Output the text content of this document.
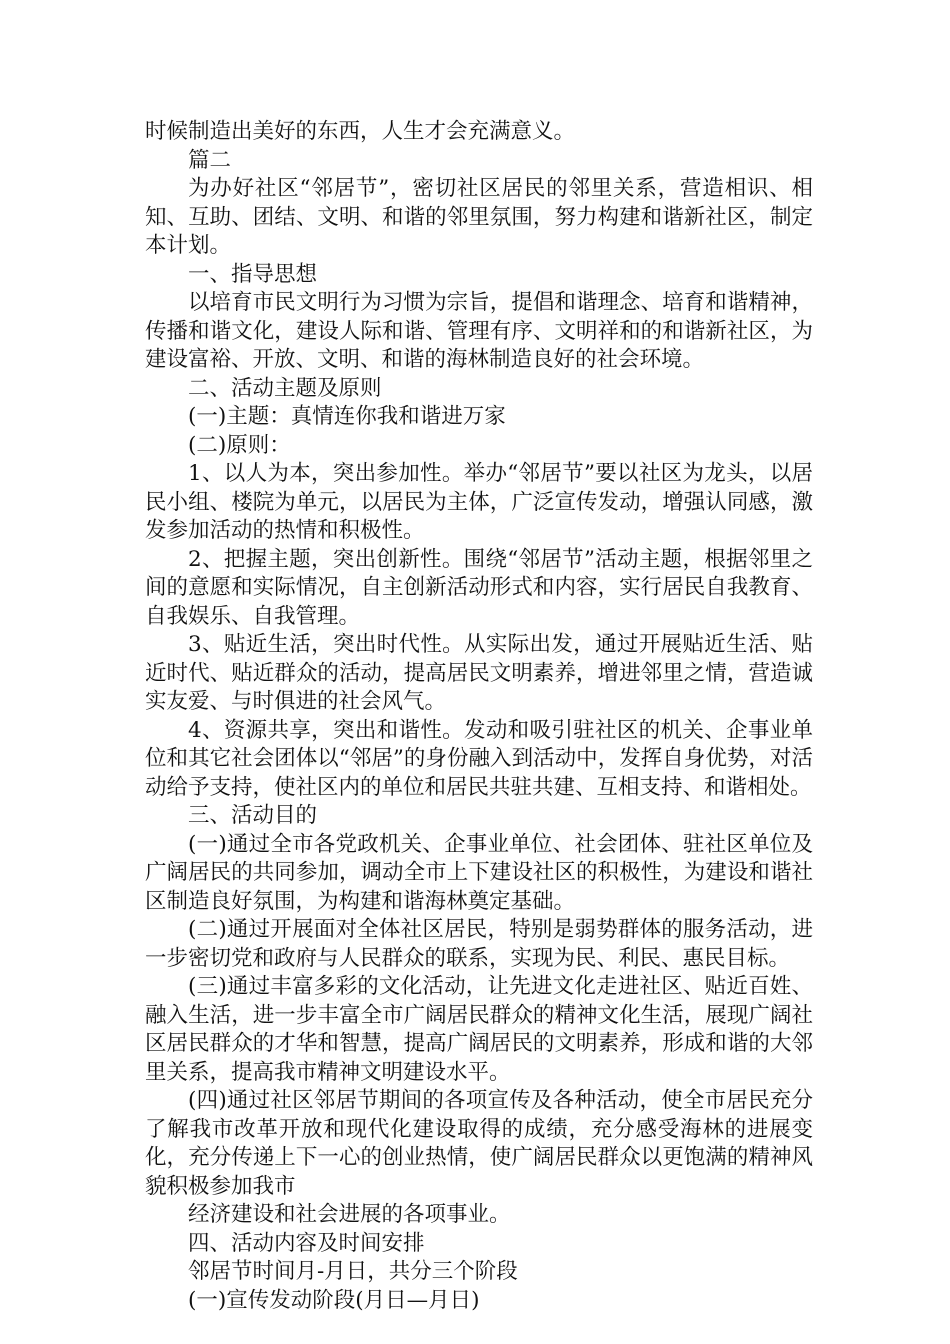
时候制造出美好的东西，人生才会充满意义。

篇二

为办好社区“邻居节”，密切社区居民的邻里关系，营造相识、相知、互助、团结、文明、和谐的邻里氛围，努力构建和谐新社区，制定本计划。

一、指导思想

以培育市民文明行为习惯为宗旨，提倡和谐理念、培育和谐精神，传播和谐文化，建设人际和谐、管理有序、文明祥和的和谐新社区，为建设富裕、开放、文明、和谐的海林制造良好的社会环境。

二、活动主题及原则

(一)主题：真情连你我和谐进万家

(二)原则：

1、以人为本，突出参加性。举办“邻居节”要以社区为龙头，以居民小组、楼院为单元，以居民为主体，广泛宣传发动，增强认同感，激发参加活动的热情和积极性。

2、把握主题，突出创新性。围绕“邻居节”活动主题，根据邻里之间的意愿和实际情况，自主创新活动形式和内容，实行居民自我教育、自我娱乐、自我管理。

3、贴近生活，突出时代性。从实际出发，通过开展贴近生活、贴近时代、贴近群众的活动，提高居民文明素养，增进邻里之情，营造诚实友爱、与时俱进的社会风气。

4、资源共享，突出和谐性。发动和吸引驻社区的机关、企事业单位和其它社会团体以“邻居”的身份融入到活动中，发挥自身优势，对活动给予支持，使社区内的单位和居民共驻共建、互相支持、和谐相处。

三、活动目的

(一)通过全市各党政机关、企事业单位、社会团体、驻社区单位及广阔居民的共同参加，调动全市上下建设社区的积极性，为建设和谐社区制造良好氛围，为构建和谐海林奠定基础。

(二)通过开展面对全体社区居民，特别是弱势群体的服务活动，进一步密切党和政府与人民群众的联系，实现为民、利民、惠民目标。

(三)通过丰富多彩的文化活动，让先进文化走进社区、贴近百姓、融入生活，进一步丰富全市广阔居民群众的精神文化生活，展现广阔社区居民群众的才华和智慧，提高广阔居民的文明素养，形成和谐的大邻里关系，提高我市精神文明建设水平。

(四)通过社区邻居节期间的各项宣传及各种活动，使全市居民充分了解我市改革开放和现代化建设取得的成绩，充分感受海林的进展变化，充分传递上下一心的创业热情，使广阔居民群众以更饱满的精神风貌积极参加我市

经济建设和社会进展的各项事业。

四、活动内容及时间安排

邻居节时间月-月日，共分三个阶段

(一)宣传发动阶段(月日—月日)
